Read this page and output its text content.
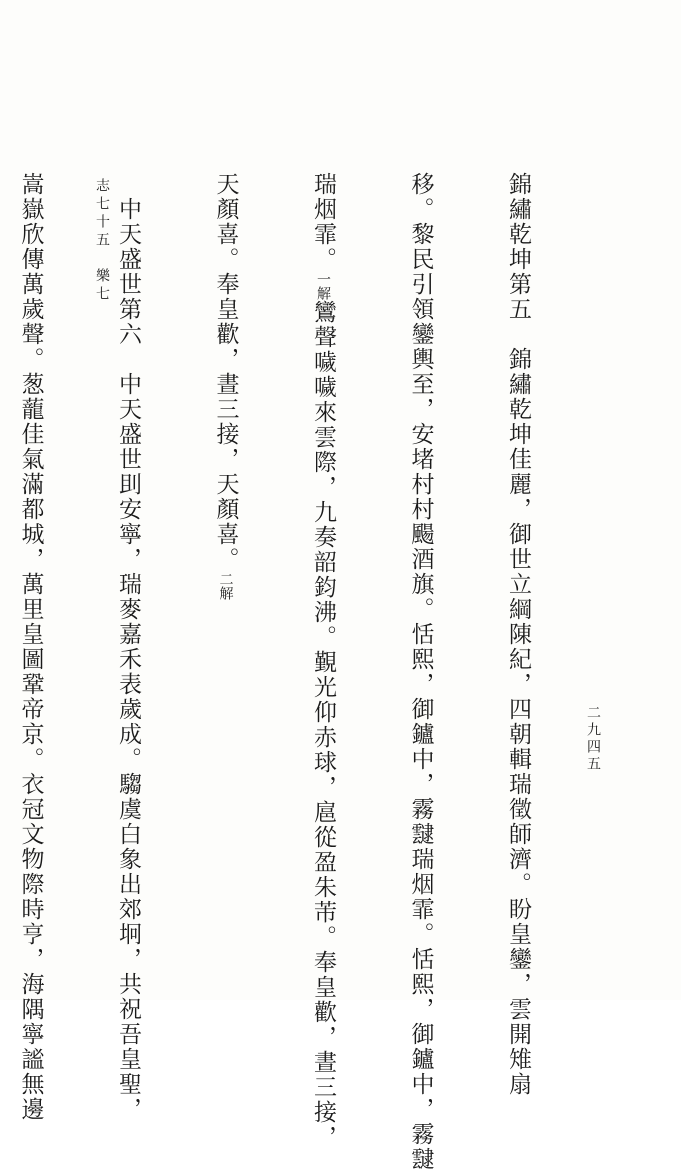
錦繡乾坤第五　錦繡乾坤佳麗，御世立綱陳紀，四朝輯瑞徵師濟。盼皇鑾，雲開雉扇

移。黎民引領鑾輿至，安堵村村颺酒旗。恬熙，御鑪中，霧靆瑞烟霏。恬熙，御鑪中，霧靆

瑞烟霏。一解鸞聲噦噦來雲際，九奏韶鈞沸。覲光仰赤球，扈從盈朱芾。奉皇歡，晝三接，

天顏喜。奉皇歡，晝三接，天顏喜。二解

　中天盛世第六　中天盛世刞安寧，瑞麥嘉禾表歲成。騶虞白象出郊坰，共祝吾皇聖，

嵩嶽欣傳萬歲聲。葱蘢佳氣滿都城，萬里皇圖鞏帝京。衣冠文物際時亨，海隅寧謐無邊

	志七十五　樂七
二九四五
